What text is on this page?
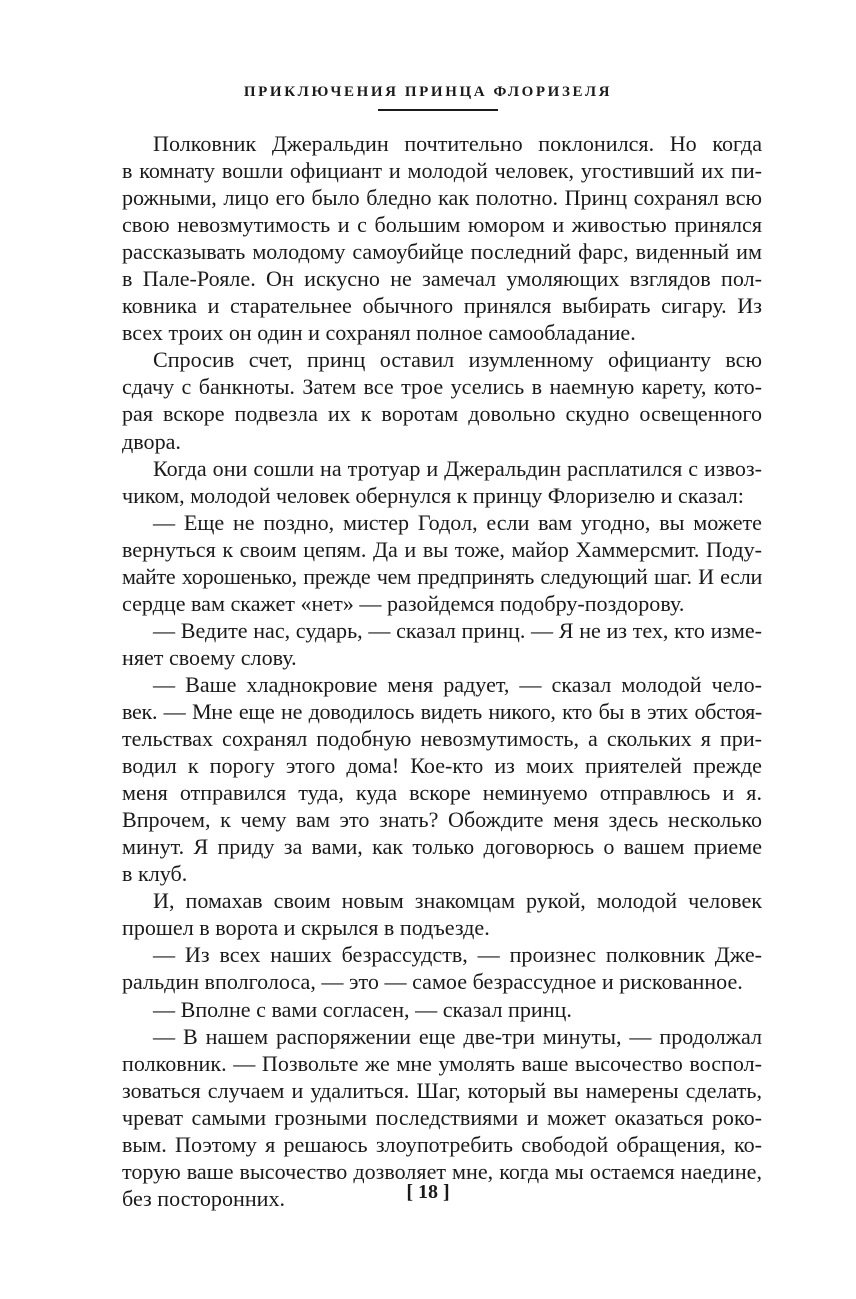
ПРИКЛЮЧЕНИЯ ПРИНЦА ФЛОРИЗЕЛЯ
Полковник Джеральдин почтительно поклонился. Но когда
в комнату вошли официант и молодой человек, угостивший их пи-
рожными, лицо его было бледно как полотно. Принц сохранял всю
свою невозмутимость и с большим юмором и живостью принялся
рассказывать молодому самоубийце последний фарс, виденный им
в Пале-Рояле. Он искусно не замечал умоляющих взглядов пол-
ковника и старательнее обычного принялся выбирать сигару. Из
всех троих он один и сохранял полное самообладание.
Спросив счет, принц оставил изумленному официанту всю
сдачу с банкноты. Затем все трое уселись в наемную карету, кото-
рая вскоре подвезла их к воротам довольно скудно освещенного
двора.
Когда они сошли на тротуар и Джеральдин расплатился с извоз-
чиком, молодой человек обернулся к принцу Флоризелю и сказал:
— Еще не поздно, мистер Годол, если вам угодно, вы можете
вернуться к своим цепям. Да и вы тоже, майор Хаммерсмит. Поду-
майте хорошенько, прежде чем предпринять следующий шаг. И если
сердце вам скажет «нет» — разойдемся подобру-поздорову.
— Ведите нас, сударь, — сказал принц. — Я не из тех, кто изме-
няет своему слову.
— Ваше хладнокровие меня радует, — сказал молодой чело-
век. — Мне еще не доводилось видеть никого, кто бы в этих обстоя-
тельствах сохранял подобную невозмутимость, а скольких я при-
водил к порогу этого дома! Кое-кто из моих приятелей прежде
меня отправился туда, куда вскоре неминуемо отправлюсь и я.
Впрочем, к чему вам это знать? Обождите меня здесь несколько
минут. Я приду за вами, как только договорюсь о вашем приеме
в клуб.
И, помахав своим новым знакомцам рукой, молодой человек
прошел в ворота и скрылся в подъезде.
— Из всех наших безрассудств, — произнес полковник Дже-
ральдин вполголоса, — это — самое безрассудное и рискованное.
— Вполне с вами согласен, — сказал принц.
— В нашем распоряжении еще две-три минуты, — продолжал
полковник. — Позвольте же мне умолять ваше высочество воспол-
зоваться случаем и удалиться. Шаг, который вы намерены сделать,
чреват самыми грозными последствиями и может оказаться роко-
вым. Поэтому я решаюсь злоупотребить свободой обращения, ко-
торую ваше высочество дозволяет мне, когда мы остаемся наедине,
без посторонних.	[ 18 ]
